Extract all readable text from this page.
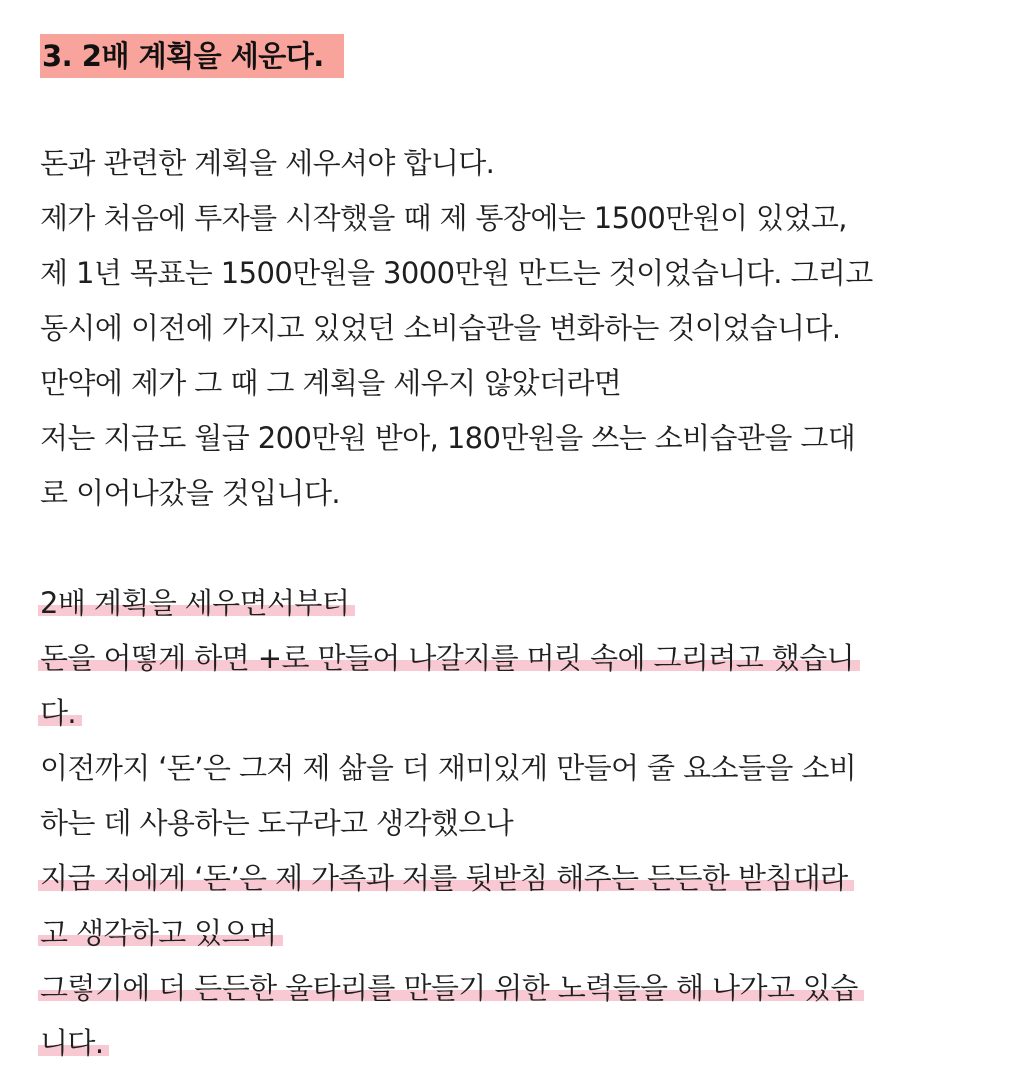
3. 2배 계획을 세운다.
돈과 관련한 계획을 세우셔야 합니다.
제가 처음에 투자를 시작했을 때 제 통장에는 1500만원이 있었고,
제 1년 목표는 1500만원을 3000만원 만드는 것이었습니다. 그리고
동시에 이전에 가지고 있었던 소비습관을 변화하는 것이었습니다.
만약에 제가 그 때 그 계획을 세우지 않았더라면
저는 지금도 월급 200만원 받아, 180만원을 쓰는 소비습관을 그대
로 이어나갔을 것입니다.
2배 계획을 세우면서부터
돈을 어떻게 하면 +로 만들어 나갈지를 머릿 속에 그리려고 했습니
다.
이전까지 ‘돈’은 그저 제 삶을 더 재미있게 만들어 줄 요소들을 소비
하는 데 사용하는 도구라고 생각했으나
지금 저에게 ‘돈’은 제 가족과 저를 뒷받침 해주는 든든한 받침대라
고 생각하고 있으며
그렇기에 더 든든한 울타리를 만들기 위한 노력들을 해 나가고 있습
니다.
